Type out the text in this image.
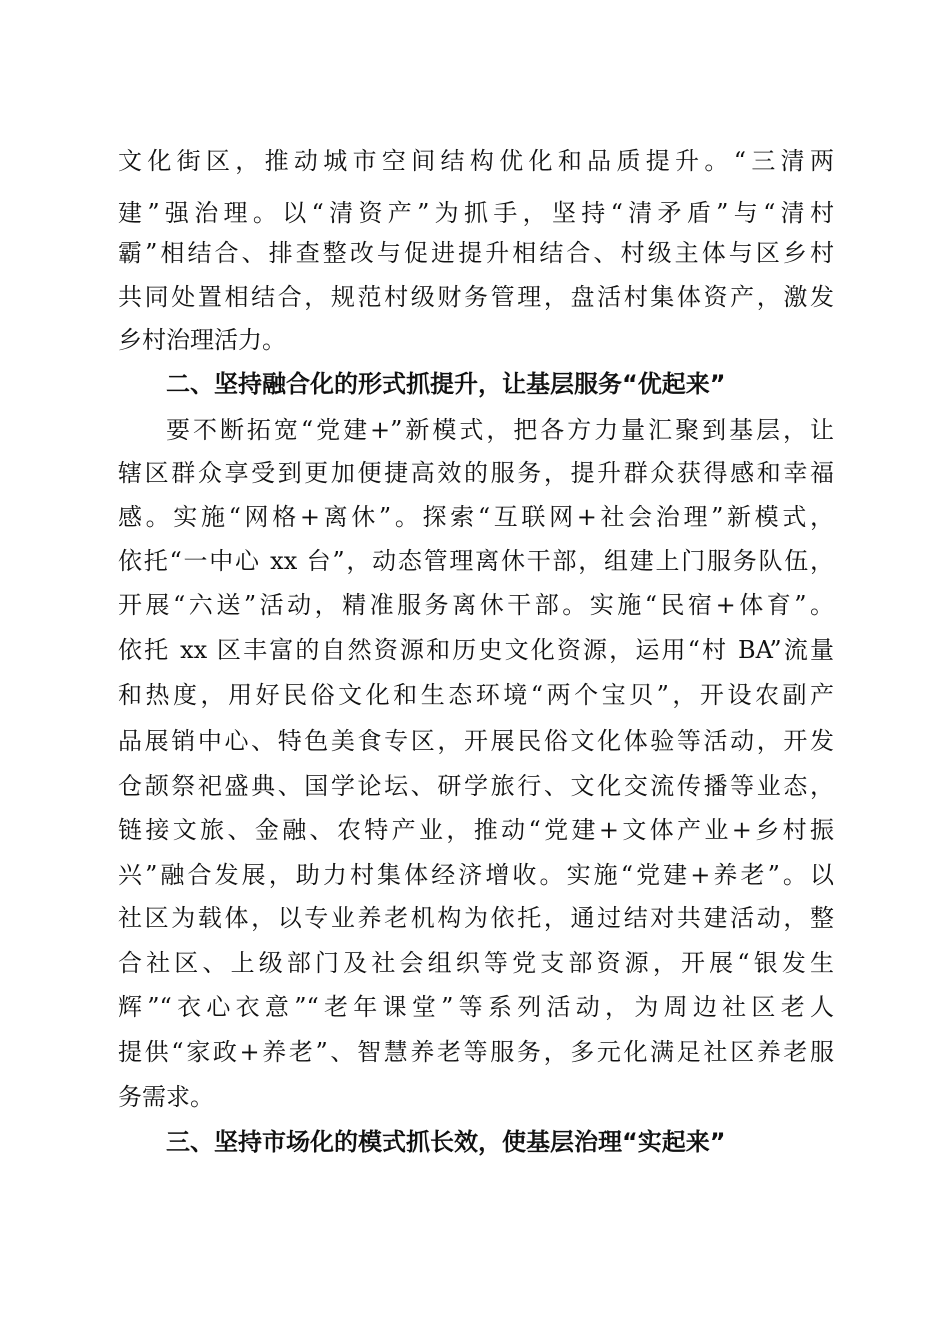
文化街区，推动城市空间结构优化和品质提升。“三清两
建”强治理。以“清资产”为抓手，坚持“清矛盾”与“清村
霸”相结合、排查整改与促进提升相结合、村级主体与区乡村
共同处置相结合，规范村级财务管理，盘活村集体资产，激发
乡村治理活力。
二、坚持融合化的形式抓提升，让基层服务“优起来”
要不断拓宽“党建+”新模式，把各方力量汇聚到基层，让
辖区群众享受到更加便捷高效的服务，提升群众获得感和幸福
感。实施“网格+离休”。探索“互联网+社会治理”新模式，
依托“一中心 xx 台”，动态管理离休干部，组建上门服务队伍，
开展“六送”活动，精准服务离休干部。实施“民宿+体育”。
依托 xx 区丰富的自然资源和历史文化资源，运用“村 BA”流量
和热度，用好民俗文化和生态环境“两个宝贝”，开设农副产
品展销中心、特色美食专区，开展民俗文化体验等活动，开发
仓颉祭祀盛典、国学论坛、研学旅行、文化交流传播等业态，
链接文旅、金融、农特产业，推动“党建+文体产业+乡村振
兴”融合发展，助力村集体经济增收。实施“党建+养老”。以
社区为载体，以专业养老机构为依托，通过结对共建活动，整
合社区、上级部门及社会组织等党支部资源，开展“银发生
辉”“衣心衣意”“老年课堂”等系列活动，为周边社区老人
提供“家政+养老”、智慧养老等服务，多元化满足社区养老服
务需求。
三、坚持市场化的模式抓长效，使基层治理“实起来”
